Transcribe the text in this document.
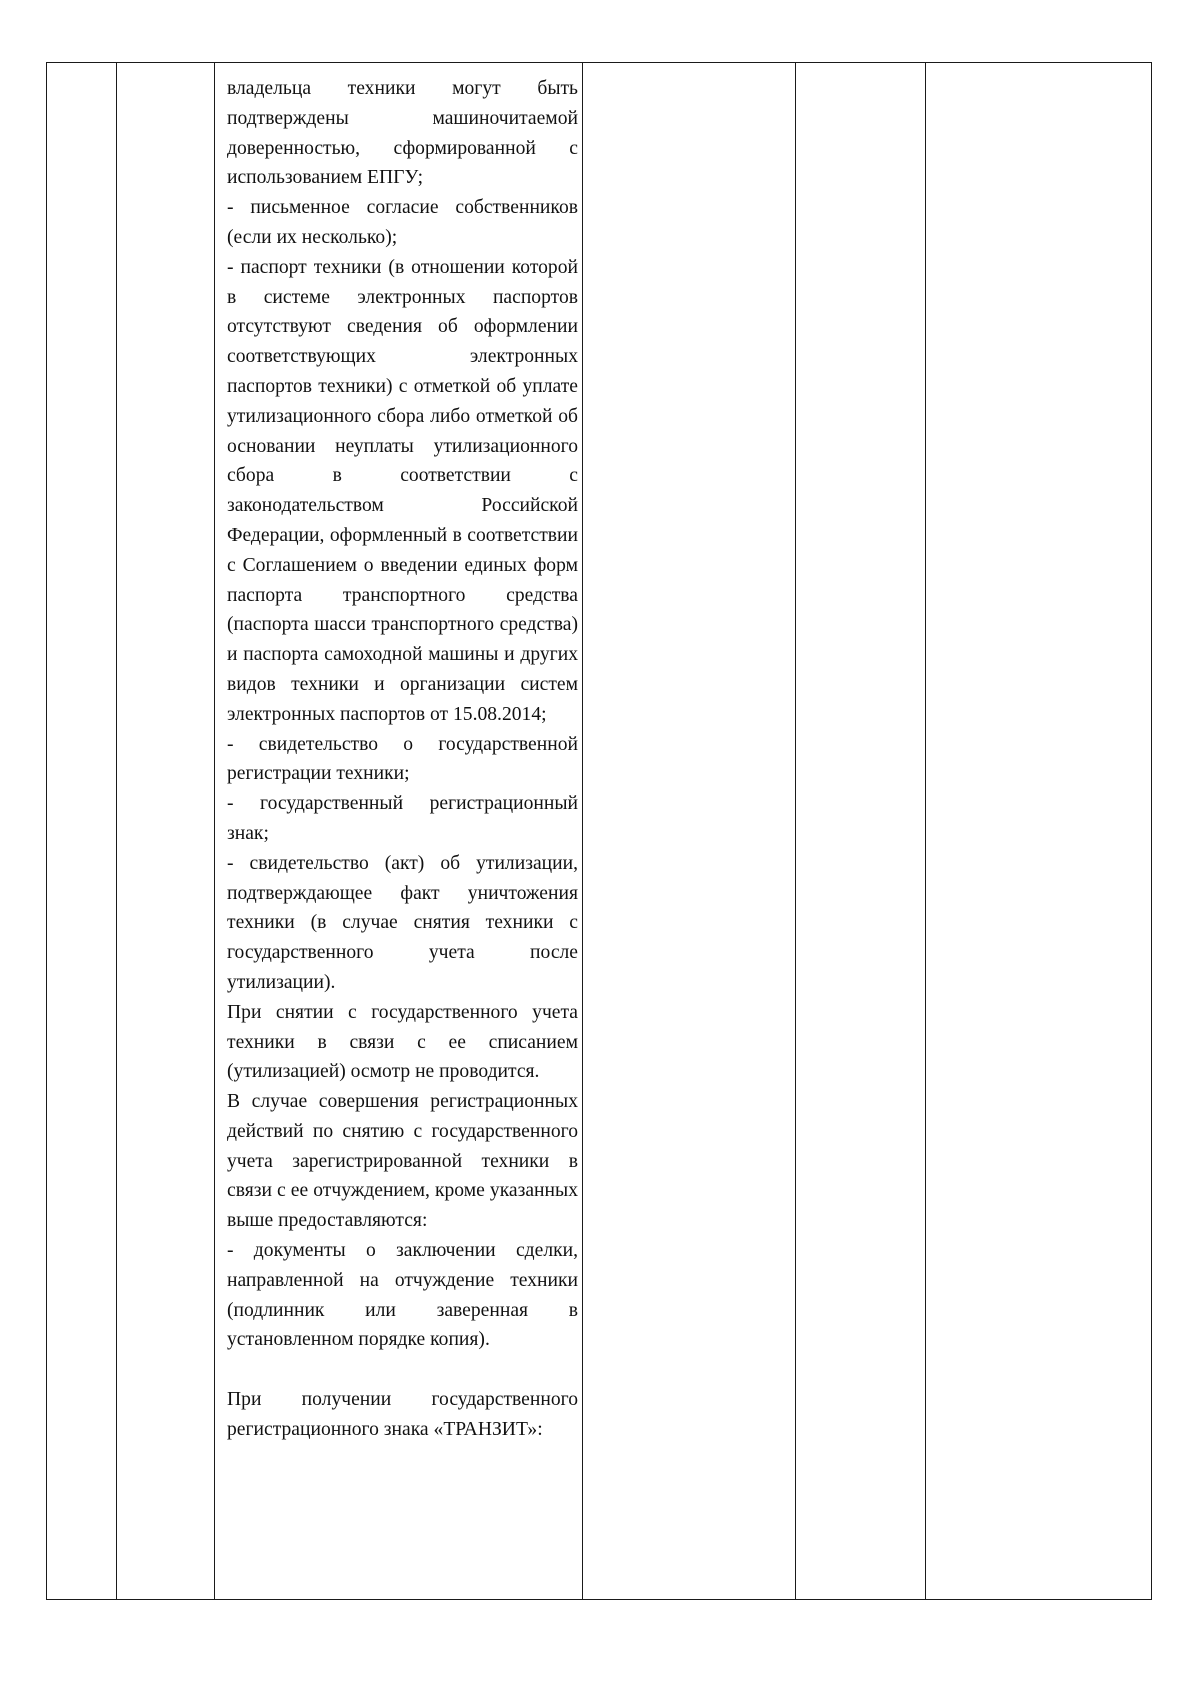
владельца техники могут быть подтверждены машиночитаемой доверенностью, сформированной с использованием ЕПГУ;

- письменное согласие собственников (если их несколько);

- паспорт техники (в отношении которой в системе электронных паспортов отсутствуют сведения об оформлении соответствующих электронных паспортов техники) с отметкой об уплате утилизационного сбора либо отметкой об основании неуплаты утилизационного сбора в соответствии с законодательством Российской Федерации, оформленный в соответствии с Соглашением о введении единых форм паспорта транспортного средства (паспорта шасси транспортного средства) и паспорта самоходной машины и других видов техники и организации систем электронных паспортов от 15.08.2014;

- свидетельство о государственной регистрации техники;

- государственный регистрационный знак;

- свидетельство (акт) об утилизации, подтверждающее факт уничтожения техники (в случае снятия техники с государственного учета после утилизации).

При снятии с государственного учета техники в связи с ее списанием (утилизацией) осмотр не проводится.

В случае совершения регистрационных действий по снятию с государственного учета зарегистрированной техники в связи с ее отчуждением, кроме указанных выше предоставляются:

- документы о заключении сделки, направленной на отчуждение техники (подлинник или заверенная в установленном порядке копия).

При получении государственного регистрационного знака «ТРАНЗИТ»:
